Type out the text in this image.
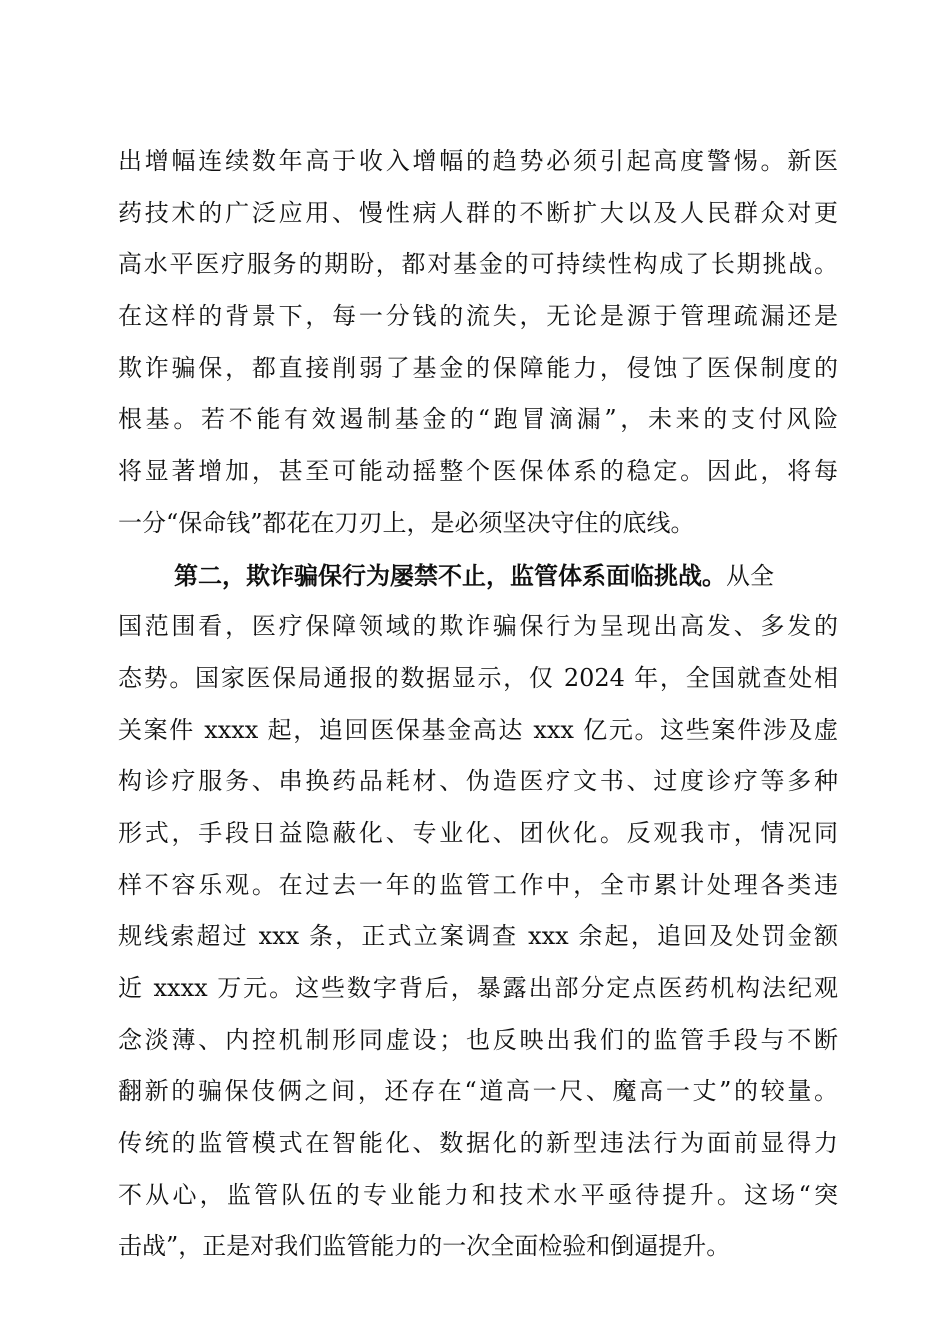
出增幅连续数年高于收入增幅的趋势必须引起高度警惕。新医
药技术的广泛应用、慢性病人群的不断扩大以及人民群众对更
高水平医疗服务的期盼，都对基金的可持续性构成了长期挑战。
在这样的背景下，每一分钱的流失，无论是源于管理疏漏还是
欺诈骗保，都直接削弱了基金的保障能力，侵蚀了医保制度的
根基。若不能有效遏制基金的“跑冒滴漏”，未来的支付风险
将显著增加，甚至可能动摇整个医保体系的稳定。因此，将每
一分“保命钱”都花在刀刃上，是必须坚决守住的底线。
第二，欺诈骗保行为屡禁不止，监管体系面临挑战。从全
国范围看，医疗保障领域的欺诈骗保行为呈现出高发、多发的
态势。国家医保局通报的数据显示，仅 2024 年，全国就查处相
关案件 xxxx 起，追回医保基金高达 xxx 亿元。这些案件涉及虚
构诊疗服务、串换药品耗材、伪造医疗文书、过度诊疗等多种
形式，手段日益隐蔽化、专业化、团伙化。反观我市，情况同
样不容乐观。在过去一年的监管工作中，全市累计处理各类违
规线索超过 xxx 条，正式立案调查 xxx 余起，追回及处罚金额
近 xxxx 万元。这些数字背后，暴露出部分定点医药机构法纪观
念淡薄、内控机制形同虚设；也反映出我们的监管手段与不断
翻新的骗保伎俩之间，还存在“道高一尺、魔高一丈”的较量。
传统的监管模式在智能化、数据化的新型违法行为面前显得力
不从心，监管队伍的专业能力和技术水平亟待提升。这场“突
击战”，正是对我们监管能力的一次全面检验和倒逼提升。
